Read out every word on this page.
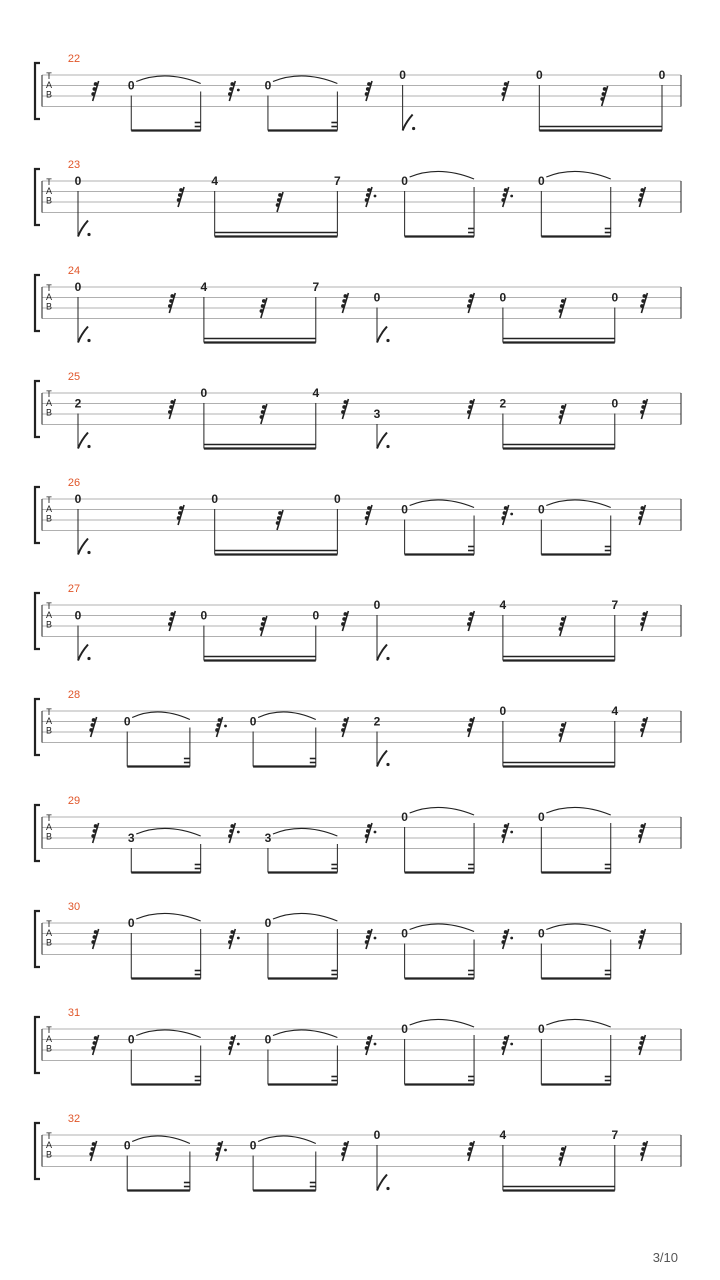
22
T
A
B
0	0
0	0	0
23
T
A
B
0	4	7	0	0
24
T
A
B
0	4	7
0	0	0
25
T
A
B
2
0	4
3
2	0
26
T
A
B
0	0	0
0	0
27
T
A
B
0	0	0
0	4	7
28
T
A
B
0	0	2
0	4
29
T
A
B	3	3
0	0
30
T
A
B
0	0
0	0
31
T
A
B
0	0
0	0
32
T
A
B
0	0
0	4	7
3/10
